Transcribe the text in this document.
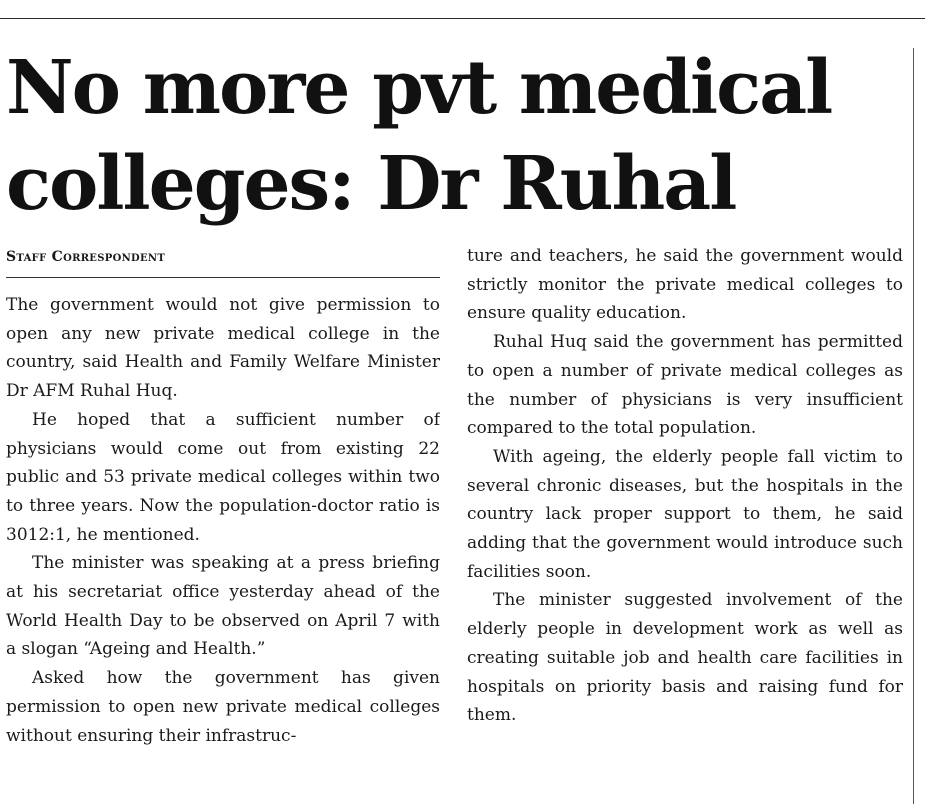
No more pvt medical
colleges: Dr Ruhal
Staff Correspondent

The government would not give permission to open any new private medical college in the country, said Health and Family Welfare Minister Dr AFM Ruhal Huq.

He hoped that a sufficient number of physicians would come out from existing 22 public and 53 private medical colleges within two to three years. Now the population-doctor ratio is 3012:1, he mentioned.

The minister was speaking at a press briefing at his secretariat office yesterday ahead of the World Health Day to be observed on April 7 with a slogan “Ageing and Health.”

Asked how the government has given permission to open new private medical colleges without ensuring their infrastruc-

ture and teachers, he said the government would strictly monitor the private medical colleges to ensure quality education.

Ruhal Huq said the government has permitted to open a number of private medical colleges as the number of physicians is very insufficient compared to the total population.

With ageing, the elderly people fall victim to several chronic diseases, but the hospitals in the country lack proper support to them, he said adding that the government would introduce such facilities soon.

The minister suggested involvement of the elderly people in development work as well as creating suitable job and health care facilities in hospitals on priority basis and raising fund for them.
